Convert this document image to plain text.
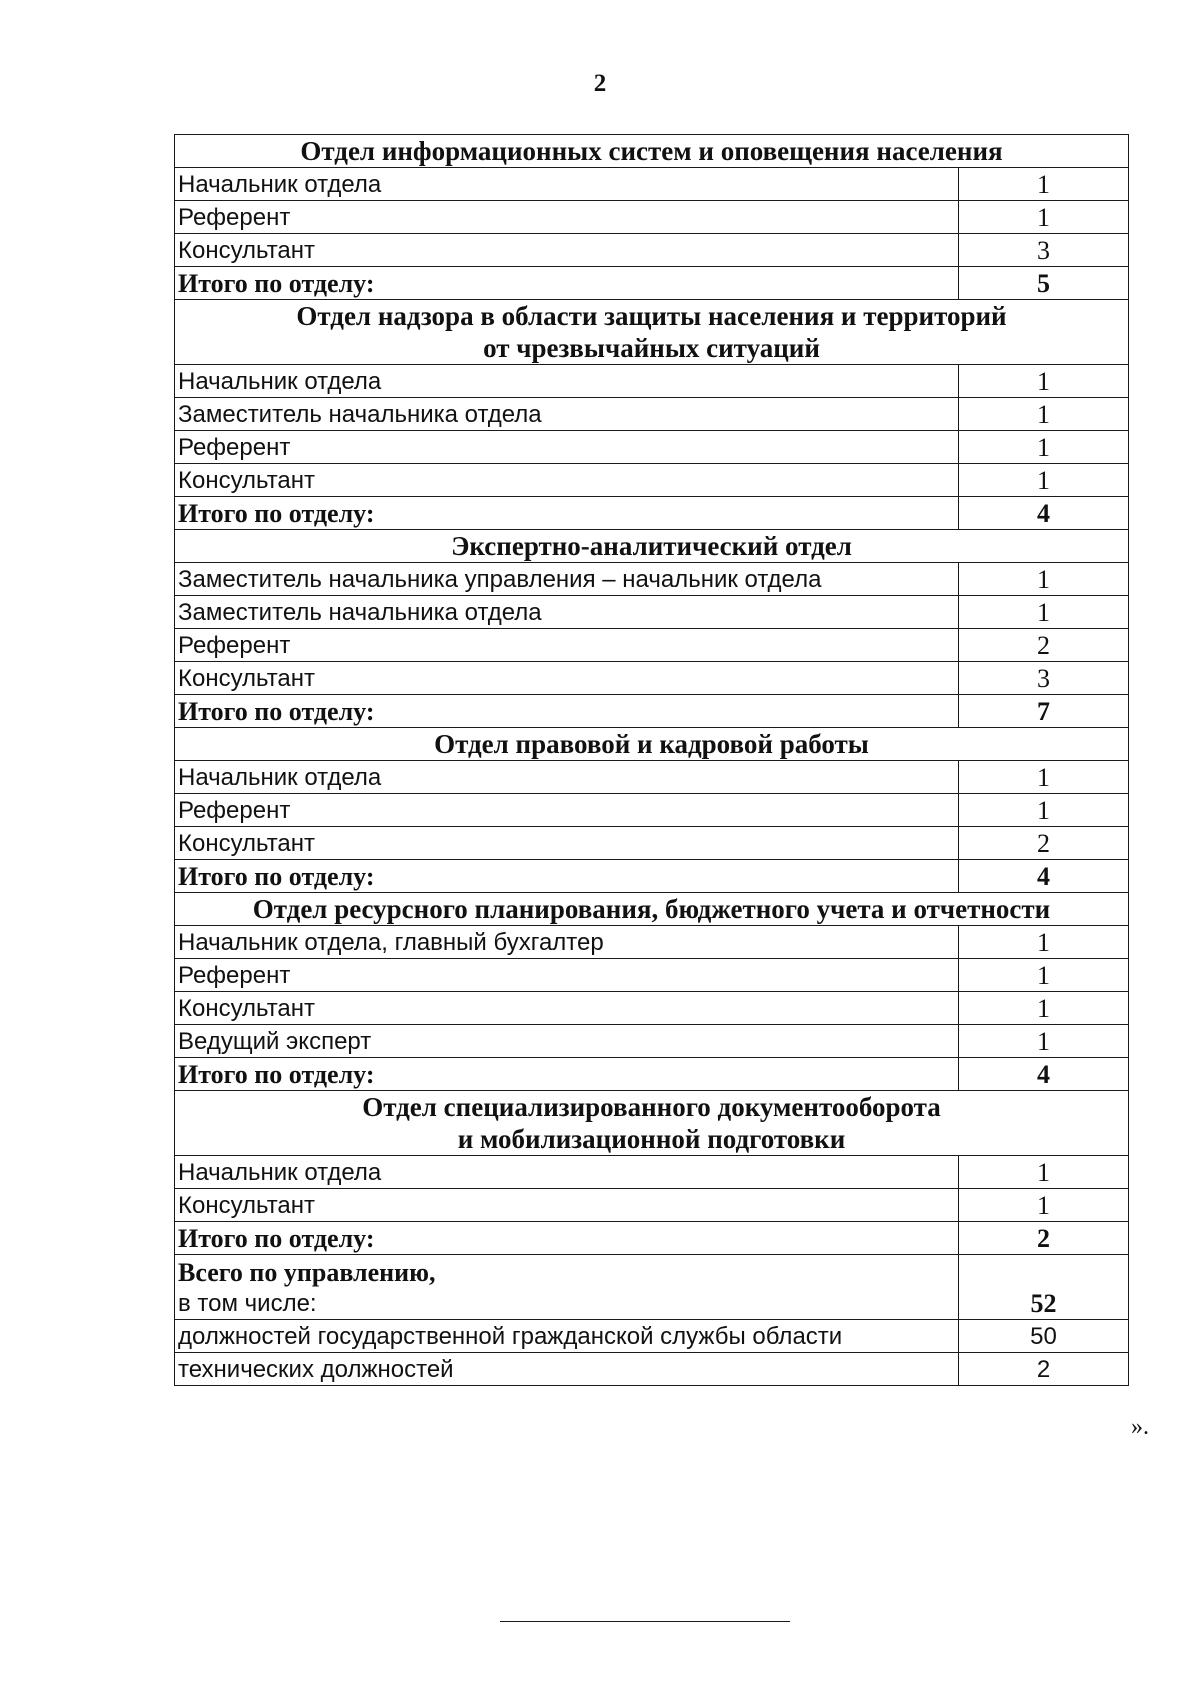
2
Отдел информационных систем и оповещения населения	

Начальник отдела	1
Референт	1
Консультант	3
Итого по отделу:	5

Отдел надзора в области защиты населения и территорий
от чрезвычайных ситуаций	

Начальник отдела	1
Заместитель начальника отдела	1
Референт	1
Консультант	1
Итого по отделу:	4

Экспертно-аналитический отдел	

Заместитель начальника управления – начальник отдела	1
Заместитель начальника отдела	1
Референт	2
Консультант	3
Итого по отделу:	7

Отдел правовой и кадровой работы	

Начальник отдела	1
Референт	1
Консультант	2
Итого по отделу:	4

Отдел ресурсного планирования, бюджетного учета и отчетности	

Начальник отдела, главный бухгалтер	1
Референт	1
Консультант	1
Ведущий эксперт	1
Итого по отделу:	4

Отдел специализированного документооборота
и мобилизационной подготовки	

Начальник отдела	1
Консультант	1
Итого по отделу:	2
Всего по управлению,
в том числе:	52
должностей государственной гражданской службы области	50
технических должностей	2
».
